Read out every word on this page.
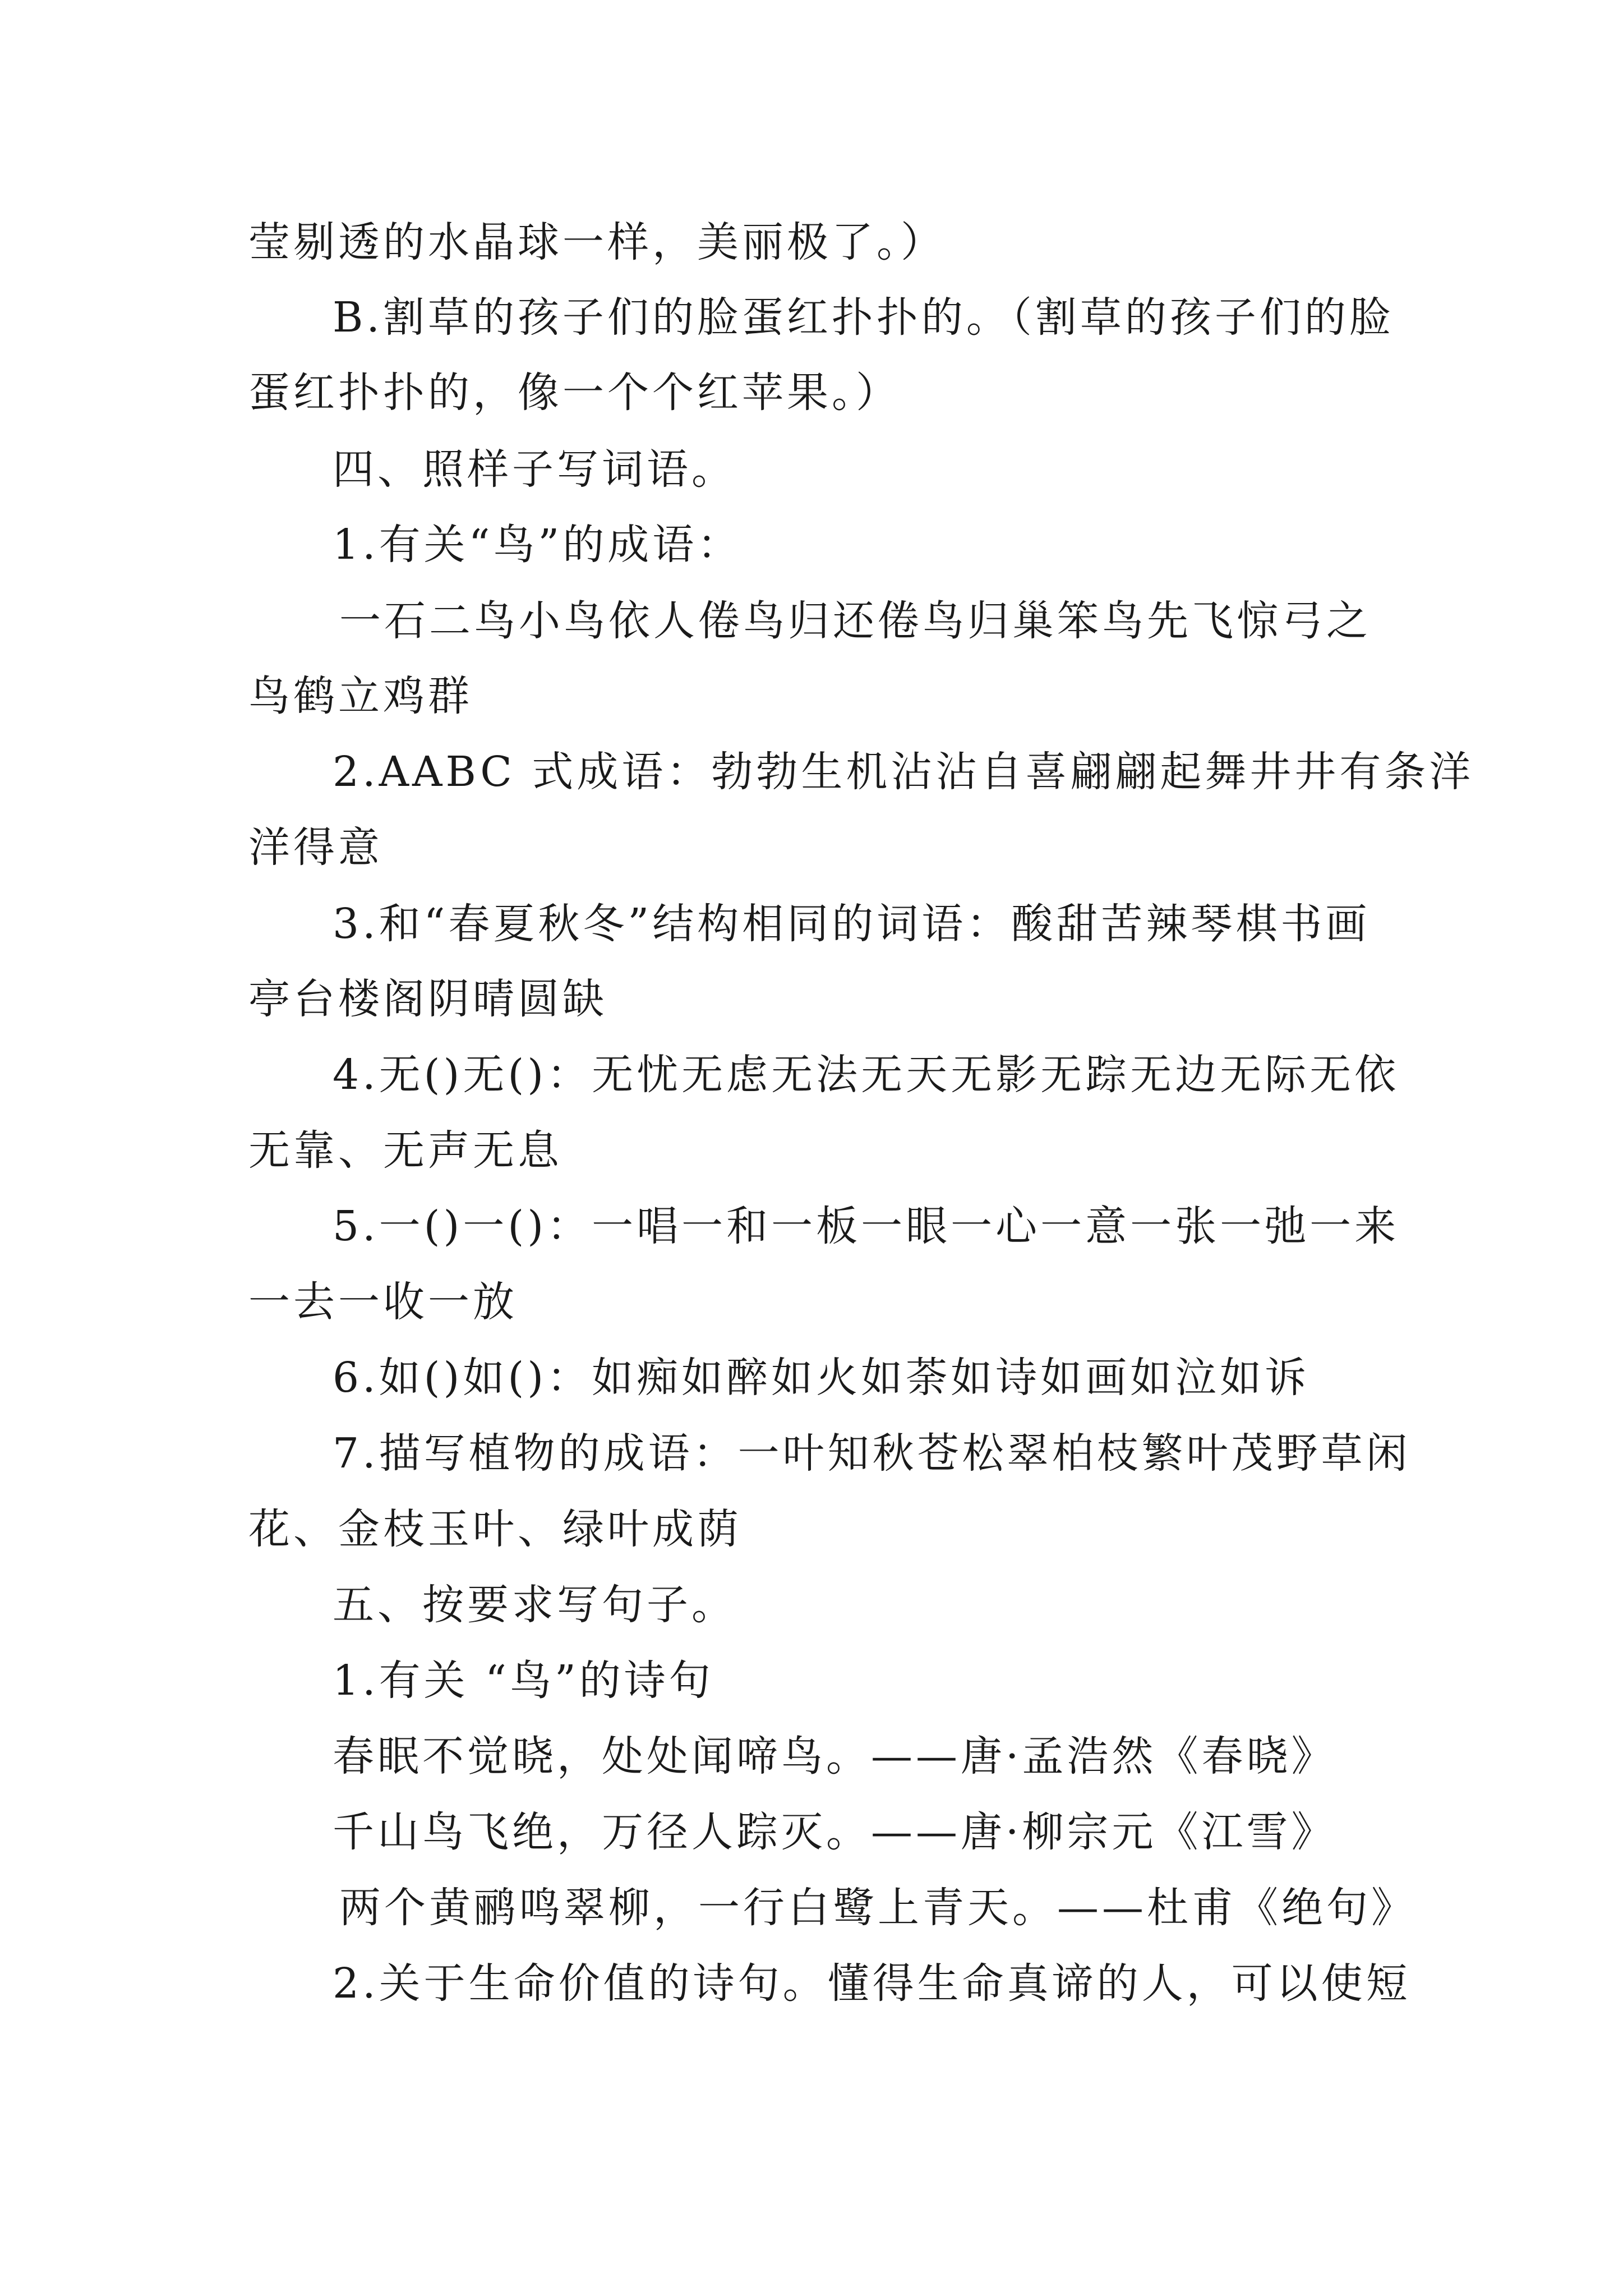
莹剔透的水晶球一样，美丽极了。）
B.割草的孩子们的脸蛋红扑扑的。（割草的孩子们的脸
蛋红扑扑的，像一个个红苹果。）
四、照样子写词语。
1.有关“鸟”的成语：
一石二鸟小鸟依人倦鸟归还倦鸟归巢笨鸟先飞惊弓之
鸟鹤立鸡群
2.AABC 式成语：勃勃生机沾沾自喜翩翩起舞井井有条洋
洋得意
3.和“春夏秋冬”结构相同的词语：酸甜苦辣琴棋书画
亭台楼阁阴晴圆缺
4.无()无()：无忧无虑无法无天无影无踪无边无际无依
无靠、无声无息
5.一()一()：一唱一和一板一眼一心一意一张一弛一来
一去一收一放
6.如()如()：如痴如醉如火如荼如诗如画如泣如诉
7.描写植物的成语：一叶知秋苍松翠柏枝繁叶茂野草闲
花、金枝玉叶、绿叶成荫
五、按要求写句子。
1.有关 “鸟”的诗句
春眠不觉晓，处处闻啼鸟。——唐·孟浩然《春晓》
千山鸟飞绝，万径人踪灭。——唐·柳宗元《江雪》
两个黄鹂鸣翠柳，一行白鹭上青天。——杜甫《绝句》
2.关于生命价值的诗句。懂得生命真谛的人，可以使短
